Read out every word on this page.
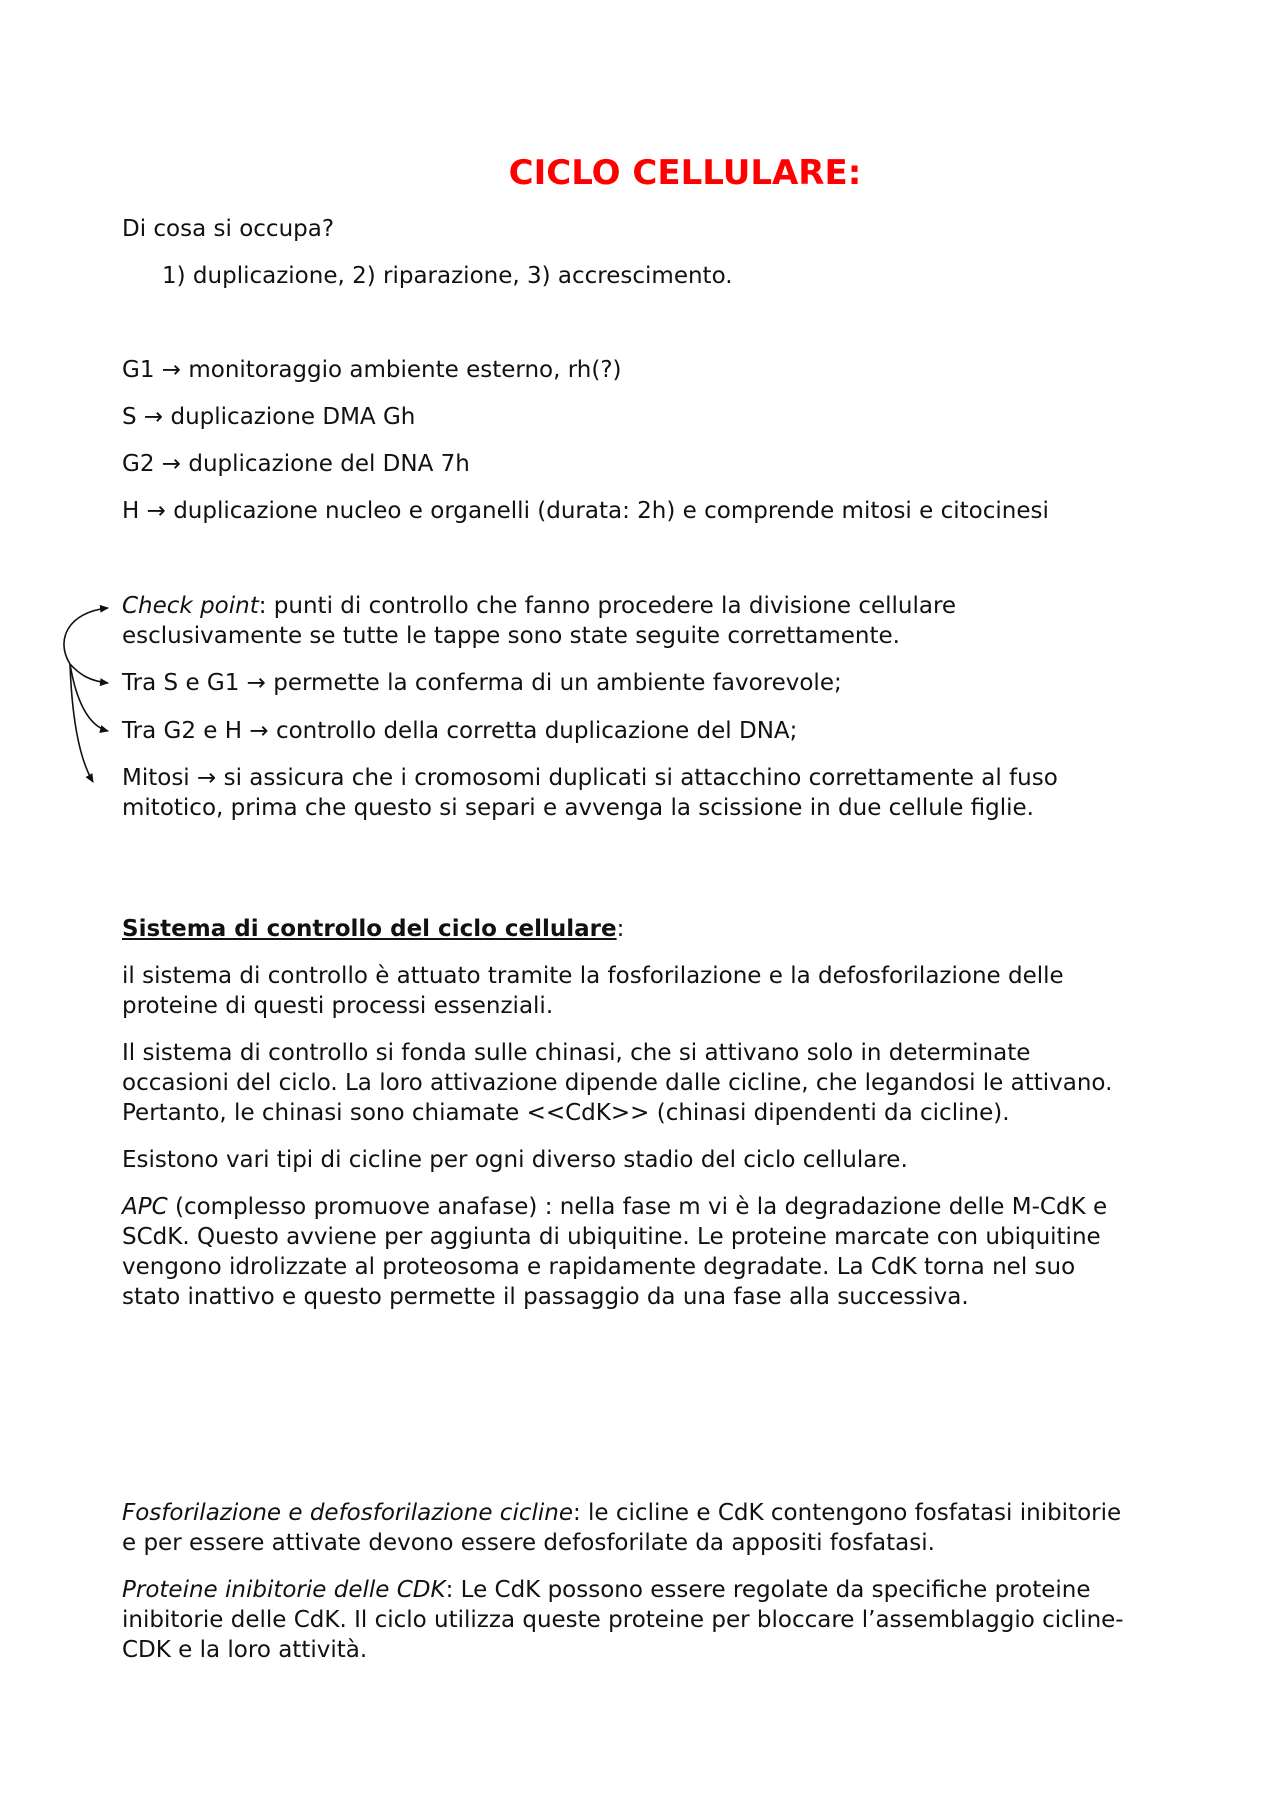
CICLO CELLULARE:

Di cosa si occupa?

1) duplicazione, 2) riparazione, 3) accrescimento.

G1 → monitoraggio ambiente esterno, rh(?)

S → duplicazione DMA Gh

G2 → duplicazione del DNA 7h

H → duplicazione nucleo e organelli (durata: 2h) e comprende mitosi e citocinesi

Check point: punti di controllo che fanno procedere la divisione cellulare

esclusivamente se tutte le tappe sono state seguite correttamente.

Tra S e G1 → permette la conferma di un ambiente favorevole;

Tra G2 e H → controllo della corretta duplicazione del DNA;

Mitosi → si assicura che i cromosomi duplicati si attacchino correttamente al fuso

mitotico, prima che questo si separi e avvenga la scissione in due cellule figlie.

Sistema di controllo del ciclo cellulare:

il sistema di controllo è attuato tramite la fosforilazione e la defosforilazione delle

proteine di questi processi essenziali.

Il sistema di controllo si fonda sulle chinasi, che si attivano solo in determinate

occasioni del ciclo. La loro attivazione dipende dalle cicline, che legandosi le attivano.

Pertanto, le chinasi sono chiamate <<CdK>> (chinasi dipendenti da cicline).

Esistono vari tipi di cicline per ogni diverso stadio del ciclo cellulare.

APC (complesso promuove anafase) : nella fase m vi è la degradazione delle M-CdK e

SCdK. Questo avviene per aggiunta di ubiquitine. Le proteine marcate con ubiquitine

vengono idrolizzate al proteosoma e rapidamente degradate. La CdK torna nel suo

stato inattivo e questo permette il passaggio da una fase alla successiva.

Fosforilazione e defosforilazione cicline: le cicline e CdK contengono fosfatasi inibitorie

e per essere attivate devono essere defosforilate da appositi fosfatasi.

Proteine inibitorie delle CDK: Le CdK possono essere regolate da specifiche proteine

inibitorie delle CdK. Il ciclo utilizza queste proteine per bloccare l’assemblaggio cicline-

CDK e la loro attività.
